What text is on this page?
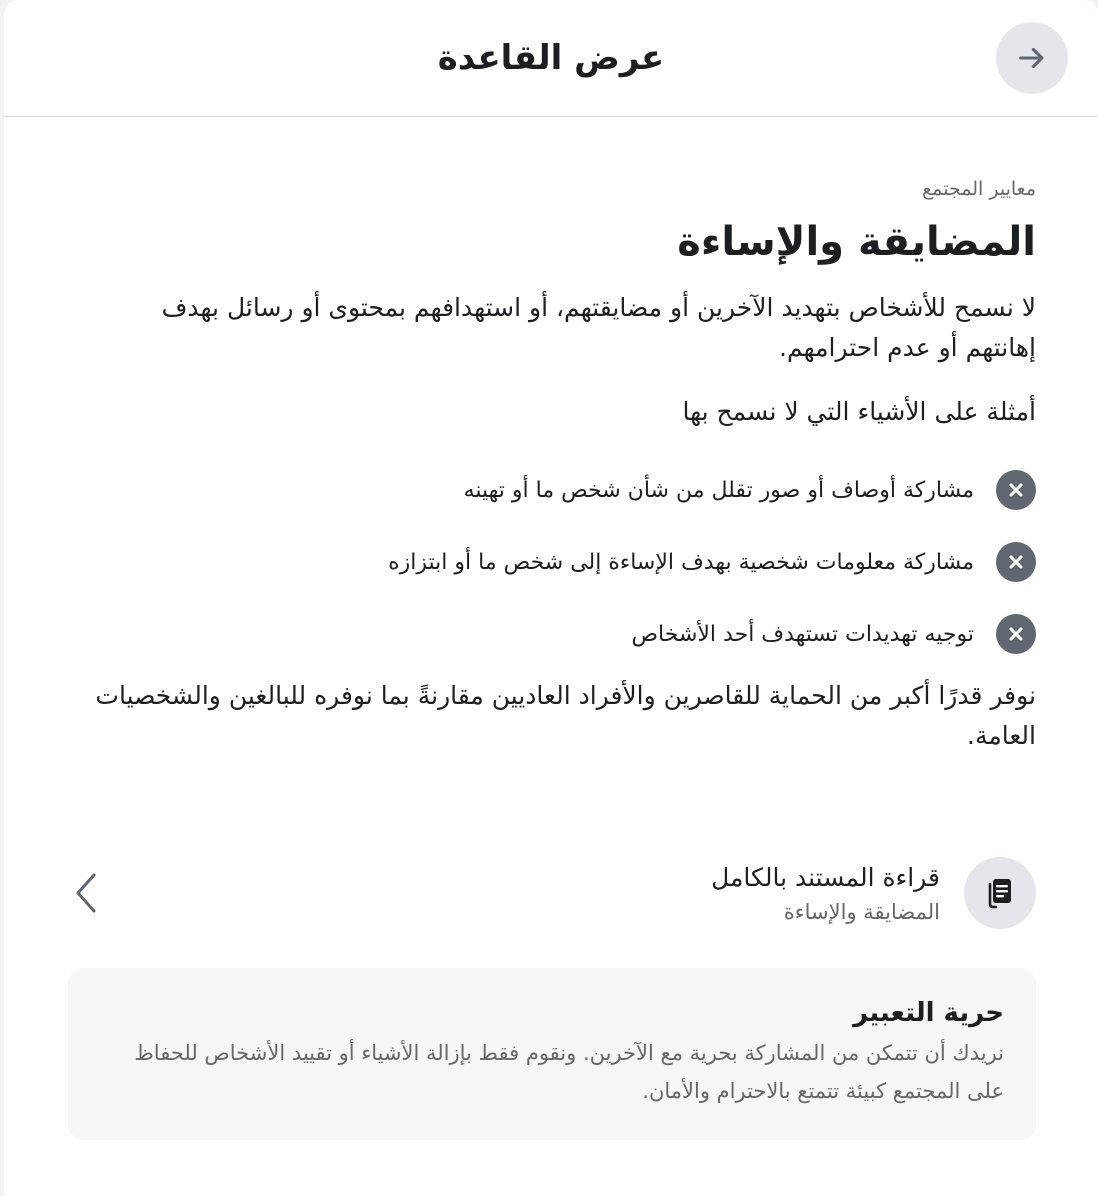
عرض القاعدة
معايير المجتمع
المضايقة والإساءة
لا نسمح للأشخاص بتهديد الآخرين أو مضايقتهم، أو استهدافهم بمحتوى أو رسائل بهدف إهانتهم أو عدم احترامهم.
أمثلة على الأشياء التي لا نسمح بها
مشاركة أوصاف أو صور تقلل من شأن شخص ما أو تهينه
مشاركة معلومات شخصية بهدف الإساءة إلى شخص ما أو ابتزازه
توجيه تهديدات تستهدف أحد الأشخاص
نوفر قدرًا أكبر من الحماية للقاصرين والأفراد العاديين مقارنةً بما نوفره للبالغين والشخصيات العامة.
قراءة المستند بالكامل
المضايقة والإساءة
حرية التعبير
نريدك أن تتمكن من المشاركة بحرية مع الآخرين. ونقوم فقط بإزالة الأشياء أو تقييد الأشخاص للحفاظ على المجتمع كبيئة تتمتع بالاحترام والأمان.
